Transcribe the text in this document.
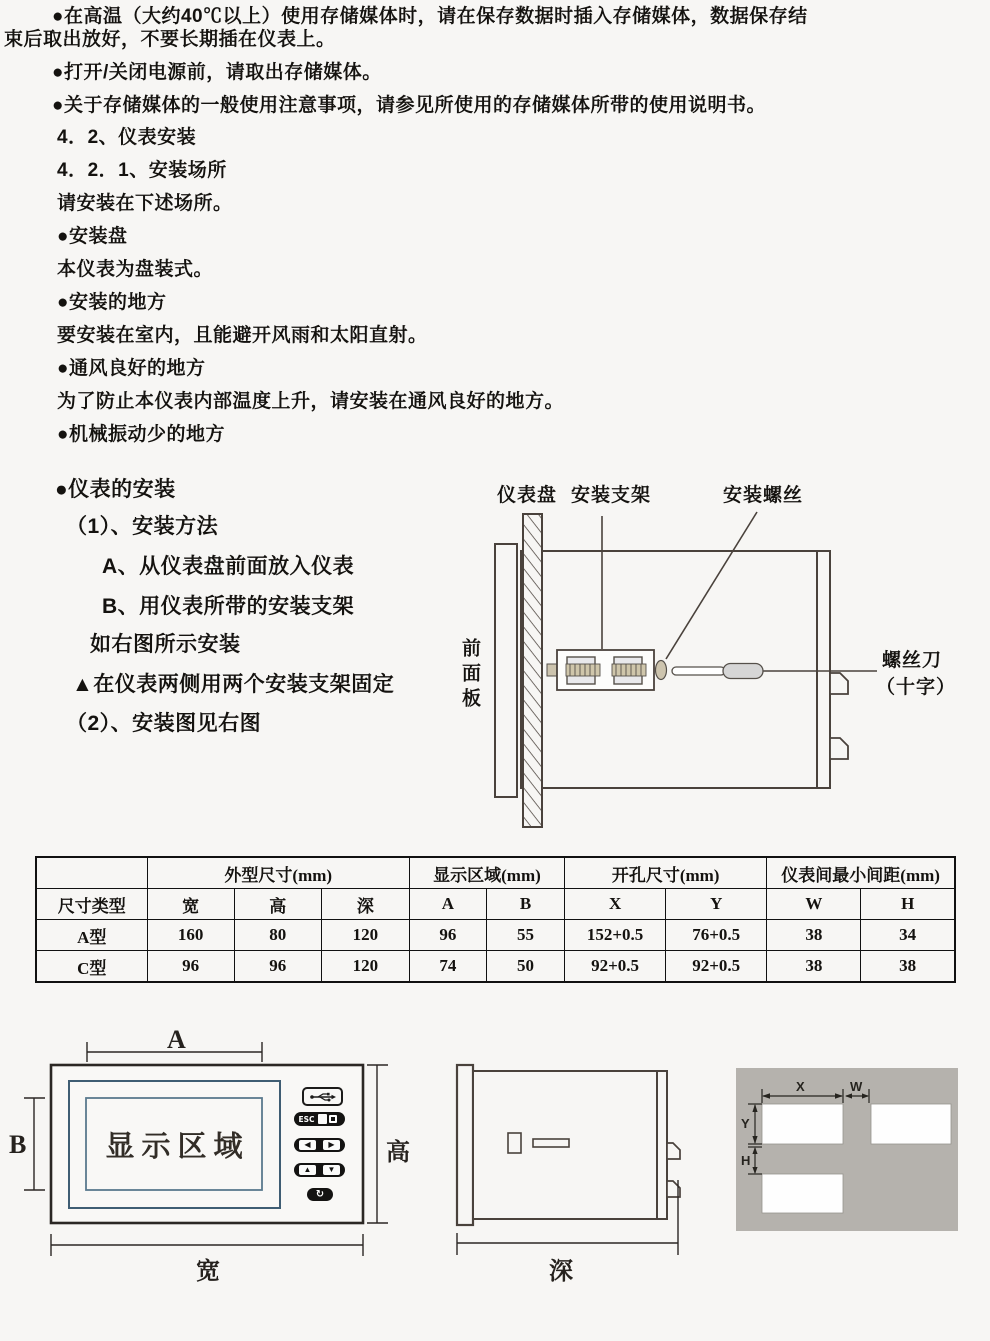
●在高温（大约40℃以上）使用存储媒体时，请在保存数据时插入存储媒体，数据保存结
束后取出放好，不要长期插在仪表上。
●打开/关闭电源前，请取出存储媒体。
●关于存储媒体的一般使用注意事项，请参见所使用的存储媒体所带的使用说明书。
4．2、仪表安装
4．2．1、安装场所
请安装在下述场所。
●安装盘
本仪表为盘装式。
●安装的地方
要安装在室内，且能避开风雨和太阳直射。
●通风良好的地方
为了防止本仪表内部温度上升，请安装在通风良好的地方。
●机械振动少的地方
●仪表的安装
（1）、安装方法
A、从仪表盘前面放入仪表
B、用仪表所带的安装支架
如右图所示安装
▲在仪表两侧用两个安装支架固定
（2）、安装图见右图
仪表盘 安装支架	安装螺丝
前面板	螺丝刀
（十字）
	外型尺寸(mm)			显示区域(mm)		开孔尺寸(mm)		仪表间最小间距(mm)	
尺寸类型	宽	高	深	A	B	X	Y	W	H
A型	160	80	120	96	55	152+0.5	76+0.5	38	34
C型	96	96	120	74	50	92+0.5	92+0.5	38	38
A
B
宽
高
显示区域
ESC
◀	▶
▲	▼
↻
深
X	W
Y
H
